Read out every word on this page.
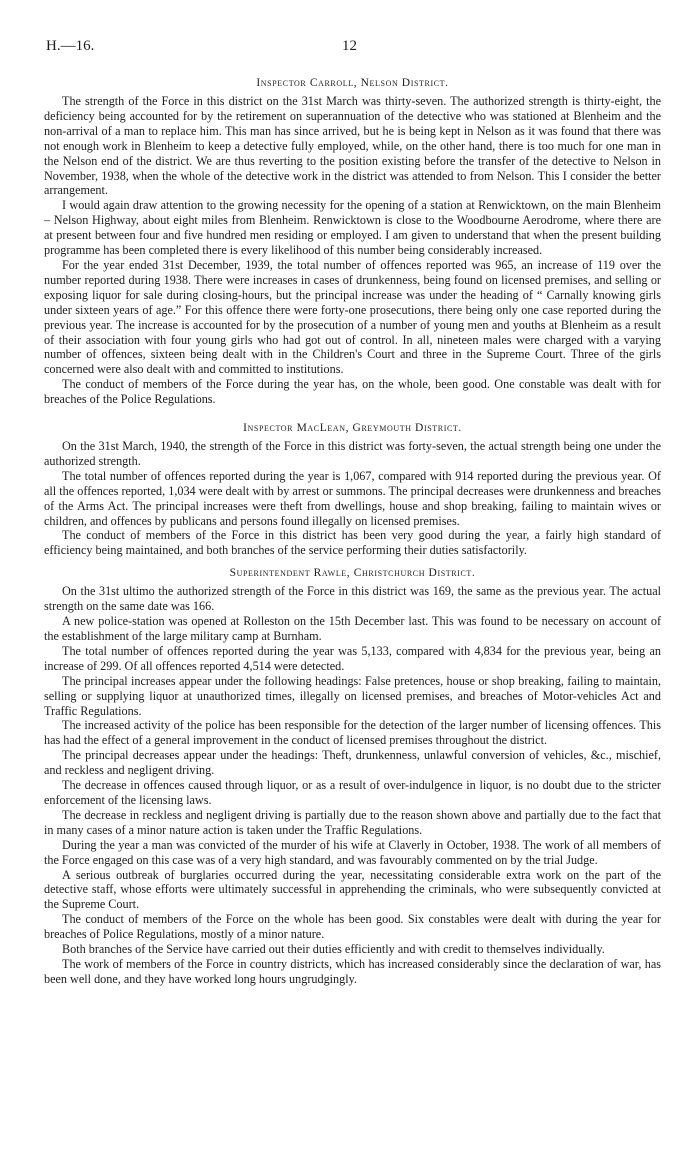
H.—16.	12
Inspector Carroll, Nelson District.

The strength of the Force in this district on the 31st March was thirty-seven. The authorized strength is thirty-eight, the deficiency being accounted for by the retirement on superannuation of the detective who was stationed at Blenheim and the non-arrival of a man to replace him. This man has since arrived, but he is being kept in Nelson as it was found that there was not enough work in Blenheim to keep a detective fully employed, while, on the other hand, there is too much for one man in the Nelson end of the district. We are thus reverting to the position existing before the transfer of the detective to Nelson in November, 1938, when the whole of the detective work in the district was attended to from Nelson. This I consider the better arrangement.

I would again draw attention to the growing necessity for the opening of a station at Renwicktown, on the main Blenheim – Nelson Highway, about eight miles from Blenheim. Renwicktown is close to the Woodbourne Aerodrome, where there are at present between four and five hundred men residing or employed. I am given to understand that when the present building programme has been completed there is every likelihood of this number being considerably increased.

For the year ended 31st December, 1939, the total number of offences reported was 965, an increase of 119 over the number reported during 1938. There were increases in cases of drunkenness, being found on licensed premises, and selling or exposing liquor for sale during closing-hours, but the principal increase was under the heading of “ Carnally knowing girls under sixteen years of age.” For this offence there were forty-one prosecutions, there being only one case reported during the previous year. The increase is accounted for by the prosecution of a number of young men and youths at Blenheim as a result of their association with four young girls who had got out of control. In all, nineteen males were charged with a varying number of offences, sixteen being dealt with in the Children's Court and three in the Supreme Court. Three of the girls concerned were also dealt with and committed to institutions.

The conduct of members of the Force during the year has, on the whole, been good. One constable was dealt with for breaches of the Police Regulations.

Inspector MacLean, Greymouth District.

On the 31st March, 1940, the strength of the Force in this district was forty-seven, the actual strength being one under the authorized strength.

The total number of offences reported during the year is 1,067, compared with 914 reported during the previous year. Of all the offences reported, 1,034 were dealt with by arrest or summons. The principal decreases were drunkenness and breaches of the Arms Act. The principal increases were theft from dwellings, house and shop breaking, failing to maintain wives or children, and offences by publicans and persons found illegally on licensed premises.

The conduct of members of the Force in this district has been very good during the year, a fairly high standard of efficiency being maintained, and both branches of the service performing their duties satisfactorily.

Superintendent Rawle, Christchurch District.

On the 31st ultimo the authorized strength of the Force in this district was 169, the same as the previous year. The actual strength on the same date was 166.

A new police-station was opened at Rolleston on the 15th December last. This was found to be necessary on account of the establishment of the large military camp at Burnham.

The total number of offences reported during the year was 5,133, compared with 4,834 for the previous year, being an increase of 299. Of all offences reported 4,514 were detected.

The principal increases appear under the following headings: False pretences, house or shop breaking, failing to maintain, selling or supplying liquor at unauthorized times, illegally on licensed premises, and breaches of Motor-vehicles Act and Traffic Regulations.

The increased activity of the police has been responsible for the detection of the larger number of licensing offences. This has had the effect of a general improvement in the conduct of licensed premises throughout the district.

The principal decreases appear under the headings: Theft, drunkenness, unlawful conversion of vehicles, &c., mischief, and reckless and negligent driving.

The decrease in offences caused through liquor, or as a result of over-indulgence in liquor, is no doubt due to the stricter enforcement of the licensing laws.

The decrease in reckless and negligent driving is partially due to the reason shown above and partially due to the fact that in many cases of a minor nature action is taken under the Traffic Regulations.

During the year a man was convicted of the murder of his wife at Claverly in October, 1938. The work of all members of the Force engaged on this case was of a very high standard, and was favourably commented on by the trial Judge.

A serious outbreak of burglaries occurred during the year, necessitating considerable extra work on the part of the detective staff, whose efforts were ultimately successful in apprehending the criminals, who were subsequently convicted at the Supreme Court.

The conduct of members of the Force on the whole has been good. Six constables were dealt with during the year for breaches of Police Regulations, mostly of a minor nature.

Both branches of the Service have carried out their duties efficiently and with credit to themselves individually.

The work of members of the Force in country districts, which has increased considerably since the declaration of war, has been well done, and they have worked long hours ungrudgingly.
